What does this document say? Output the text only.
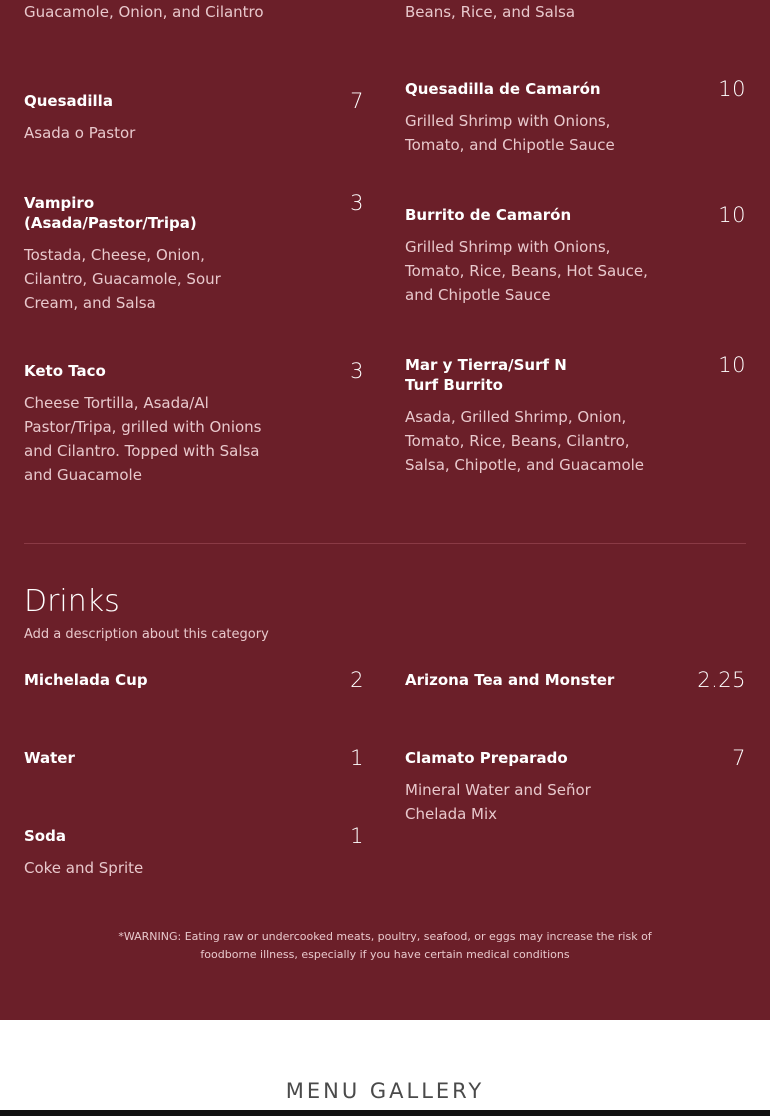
Guacamole, Onion, and Cilantro
Quesadilla	7
Asada o Pastor
Vampiro (Asada/Pastor/Tripa)
3
Tostada, Cheese, Onion, Cilantro, Guacamole, Sour Cream, and Salsa
Keto Taco	3
Cheese Tortilla, Asada/Al Pastor/Tripa, grilled with Onions and Cilantro. Topped with Salsa and Guacamole
Michelada Cup	2
Water	1
Soda	1
Coke and Sprite
Beans, Rice, and Salsa
Quesadilla de Camarón	10
Grilled Shrimp with Onions, Tomato, and Chipotle Sauce
Burrito de Camarón	10
Grilled Shrimp with Onions, Tomato, Rice, Beans, Hot Sauce, and Chipotle Sauce
Mar y Tierra/Surf N Turf Burrito
10
Asada, Grilled Shrimp, Onion, Tomato, Rice, Beans, Cilantro, Salsa, Chipotle, and Guacamole
Arizona Tea and Monster	2.25
Clamato Preparado	7
Mineral Water and Señor Chelada Mix
Drinks
Add a description about this category
*WARNING: Eating raw or undercooked meats, poultry, seafood, or eggs may increase the risk of foodborne illness, especially if you have certain medical conditions
MENU GALLERY
